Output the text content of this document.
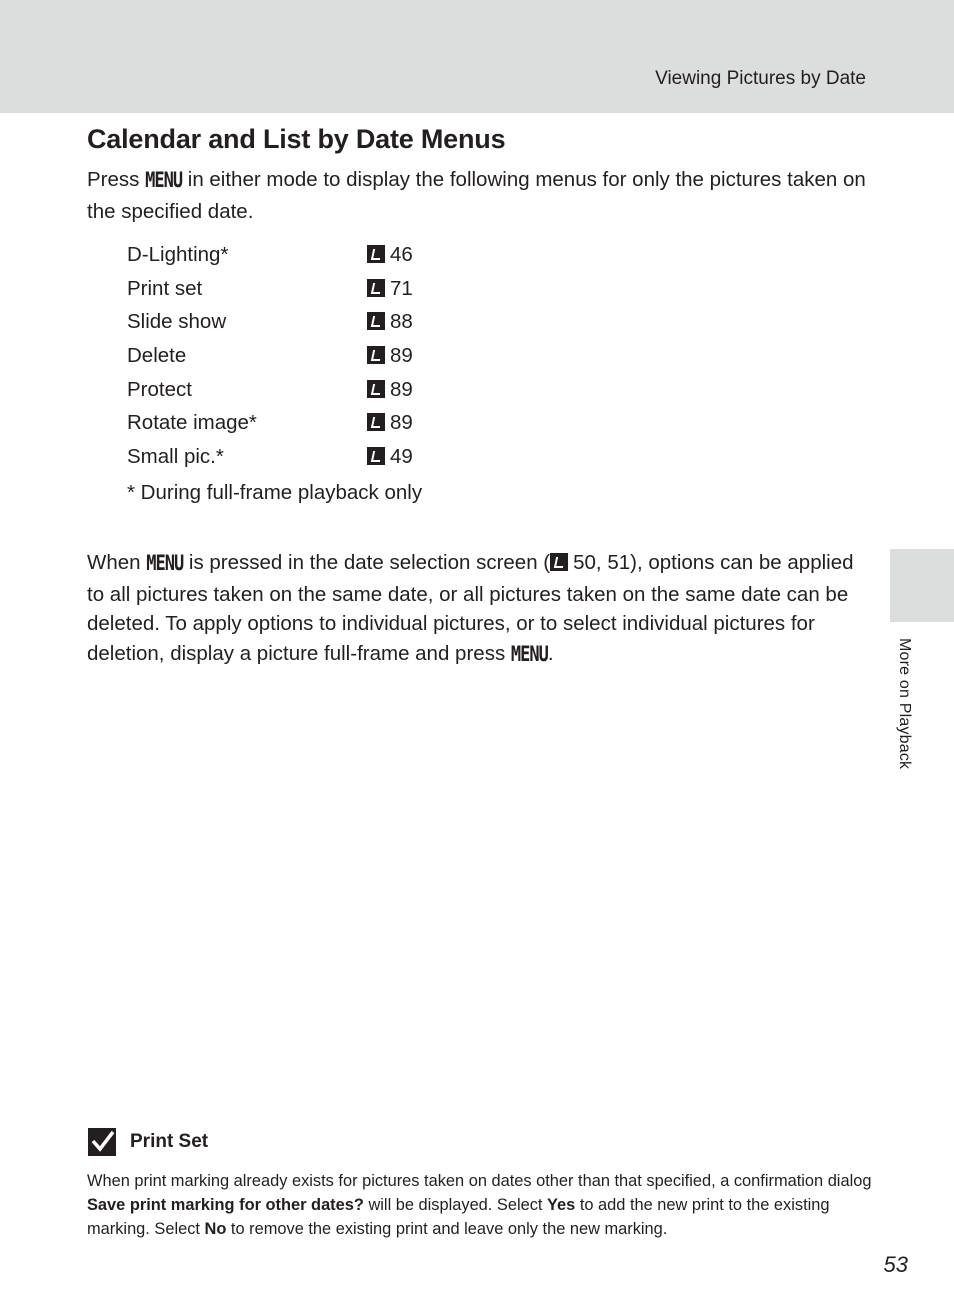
Viewing Pictures by Date
Calendar and List by Date Menus
Press MENU in either mode to display the following menus for only the pictures taken on the specified date.
D-Lighting*	46
Print set	71
Slide show	88
Delete	89
Protect	89
Rotate image*	89
Small pic.*	49
* During full-frame playback only
When MENU is pressed in the date selection screen ( 50, 51), options can be applied to all pictures taken on the same date, or all pictures taken on the same date can be deleted. To apply options to individual pictures, or to select individual pictures for deletion, display a picture full-frame and press MENU.	More on Playback
Print Set
When print marking already exists for pictures taken on dates other than that specified, a confirmation dialog Save print marking for other dates? will be displayed. Select Yes to add the new print to the existing marking. Select No to remove the existing print and leave only the new marking.
53
